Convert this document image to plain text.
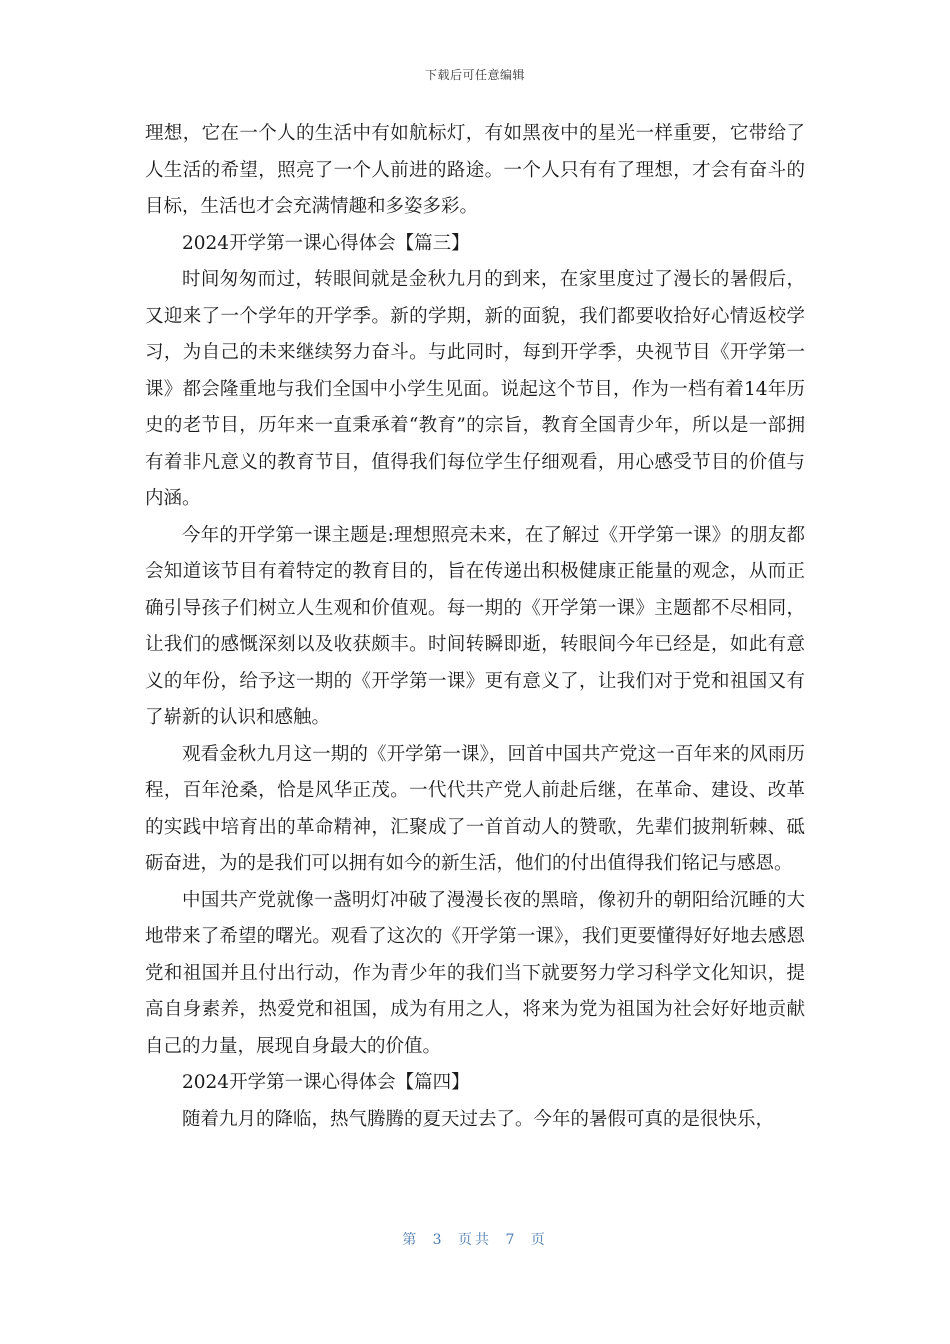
下载后可任意编辑

理想，它在一个人的生活中有如航标灯，有如黑夜中的星光一样重要，它带给了人生活的希望，照亮了一个人前进的路途。一个人只有有了理想，才会有奋斗的目标，生活也才会充满情趣和多姿多彩。

2024开学第一课心得体会【篇三】

时间匆匆而过，转眼间就是金秋九月的到来，在家里度过了漫长的暑假后，又迎来了一个学年的开学季。新的学期，新的面貌，我们都要收拾好心情返校学习，为自己的未来继续努力奋斗。与此同时，每到开学季，央视节目《开学第一课》都会隆重地与我们全国中小学生见面。说起这个节目，作为一档有着14年历史的老节目，历年来一直秉承着“教育”的宗旨，教育全国青少年，所以是一部拥有着非凡意义的教育节目，值得我们每位学生仔细观看，用心感受节目的价值与内涵。

今年的开学第一课主题是:理想照亮未来，在了解过《开学第一课》的朋友都会知道该节目有着特定的教育目的，旨在传递出积极健康正能量的观念，从而正确引导孩子们树立人生观和价值观。每一期的《开学第一课》主题都不尽相同，让我们的感慨深刻以及收获颇丰。时间转瞬即逝，转眼间今年已经是，如此有意义的年份，给予这一期的《开学第一课》更有意义了，让我们对于党和祖国又有了崭新的认识和感触。

观看金秋九月这一期的《开学第一课》，回首中国共产党这一百年来的风雨历程，百年沧桑，恰是风华正茂。一代代共产党人前赴后继，在革命、建设、改革的实践中培育出的革命精神，汇聚成了一首首动人的赞歌，先辈们披荆斩棘、砥砺奋进，为的是我们可以拥有如今的新生活，他们的付出值得我们铭记与感恩。

中国共产党就像一盏明灯冲破了漫漫长夜的黑暗，像初升的朝阳给沉睡的大地带来了希望的曙光。观看了这次的《开学第一课》，我们更要懂得好好地去感恩党和祖国并且付出行动，作为青少年的我们当下就要努力学习科学文化知识，提高自身素养，热爱党和祖国，成为有用之人，将来为党为祖国为社会好好地贡献自己的力量，展现自身最大的价值。

2024开学第一课心得体会【篇四】

随着九月的降临，热气腾腾的夏天过去了。今年的暑假可真的是很快乐，

第 3 页共 7 页
